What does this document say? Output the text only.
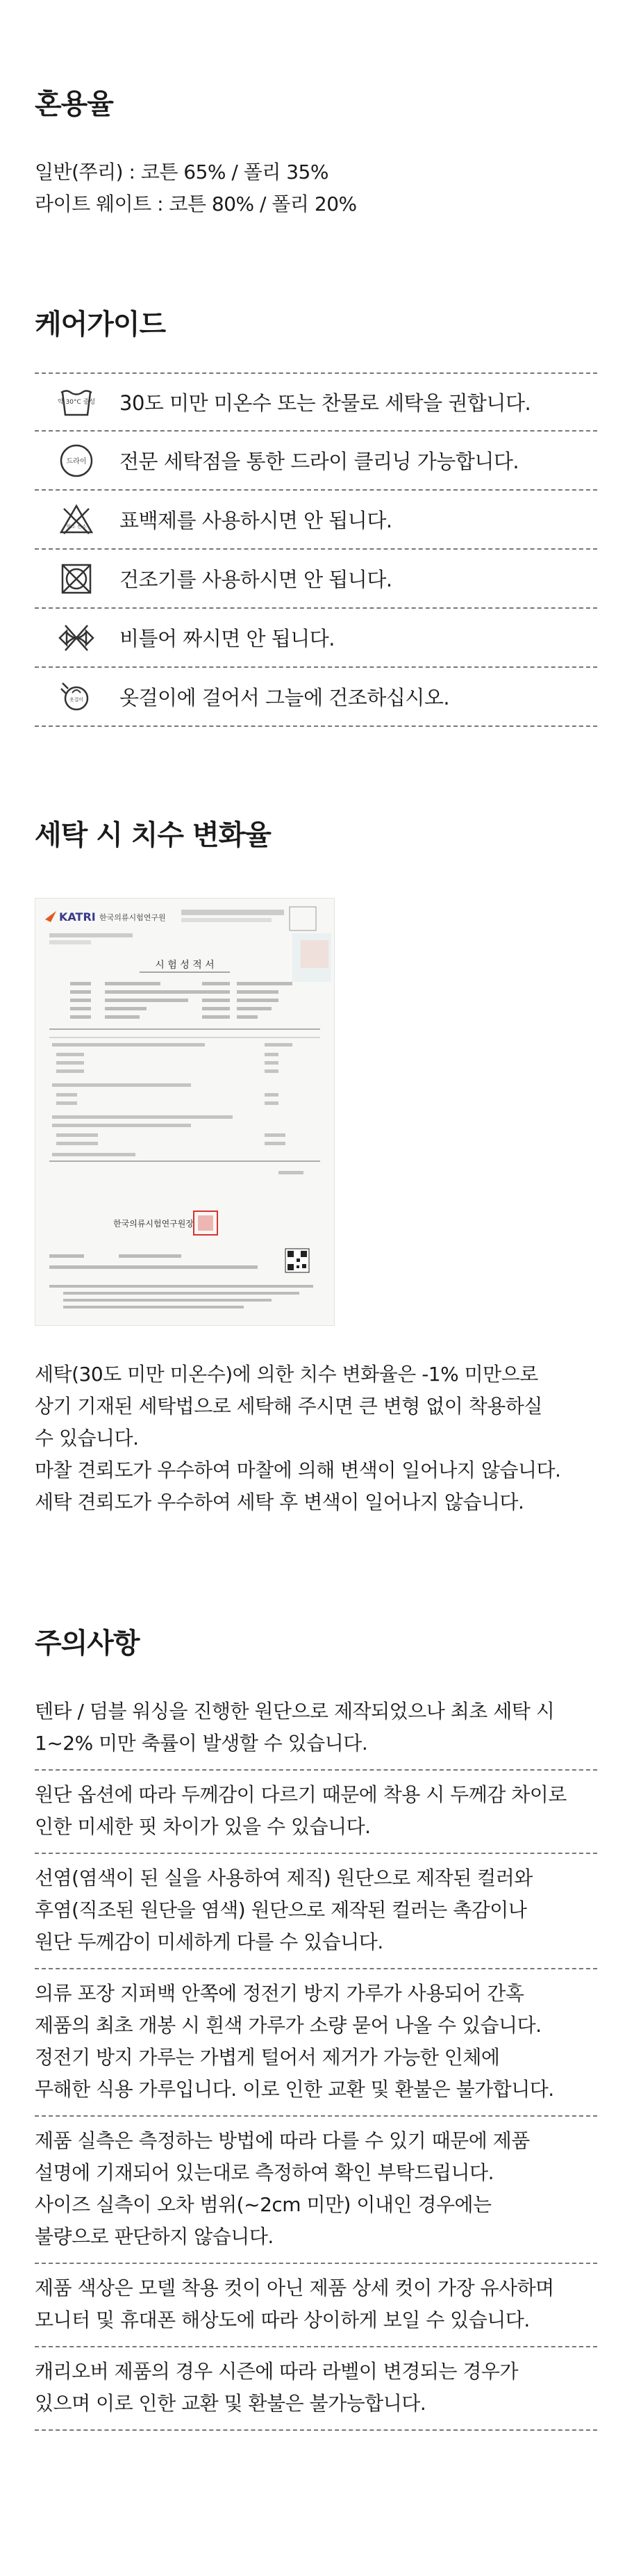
혼용율

일반(쭈리) : 코튼 65% / 폴리 35%

라이트 웨이트 : 코튼 80% / 폴리 20%

케어가이드
약 30°C 중성 30도 미만 미온수 또는 찬물로 세탁을 권합니다.
드라이 전문 세탁점을 통한 드라이 클리닝 가능합니다.
염소 산소 표백제를 사용하시면 안 됩니다.
건조기를 사용하시면 안 됩니다.
비틀어 짜시면 안 됩니다.
옷걸이 옷걸이에 걸어서 그늘에 건조하십시오.
세탁 시 치수 변화율
KATRI 한국의류시험연구원
시 험 성 적 서
한국의류시험연구원장

세탁(30도 미만 미온수)에 의한 치수 변화율은 -1% 미만으로

상기 기재된 세탁법으로 세탁해 주시면 큰 변형 없이 착용하실

수 있습니다.

마찰 견뢰도가 우수하여 마찰에 의해 변색이 일어나지 않습니다.

세탁 견뢰도가 우수하여 세탁 후 변색이 일어나지 않습니다.

주의사항

텐타 / 덤블 워싱을 진행한 원단으로 제작되었으나 최초 세탁 시

1~2% 미만 축률이 발생할 수 있습니다.

원단 옵션에 따라 두께감이 다르기 때문에 착용 시 두께감 차이로

인한 미세한 핏 차이가 있을 수 있습니다.

선염(염색이 된 실을 사용하여 제직) 원단으로 제작된 컬러와

후염(직조된 원단을 염색) 원단으로 제작된 컬러는 촉감이나

원단 두께감이 미세하게 다를 수 있습니다.

의류 포장 지퍼백 안쪽에 정전기 방지 가루가 사용되어 간혹

제품의 최초 개봉 시 흰색 가루가 소량 묻어 나올 수 있습니다.

정전기 방지 가루는 가볍게 털어서 제거가 가능한 인체에

무해한 식용 가루입니다. 이로 인한 교환 및 환불은 불가합니다.

제품 실측은 측정하는 방법에 따라 다를 수 있기 때문에 제품

설명에 기재되어 있는대로 측정하여 확인 부탁드립니다.

사이즈 실측이 오차 범위(~2cm 미만) 이내인 경우에는

불량으로 판단하지 않습니다.

제품 색상은 모델 착용 컷이 아닌 제품 상세 컷이 가장 유사하며

모니터 및 휴대폰 해상도에 따라 상이하게 보일 수 있습니다.

캐리오버 제품의 경우 시즌에 따라 라벨이 변경되는 경우가

있으며 이로 인한 교환 및 환불은 불가능합니다.
